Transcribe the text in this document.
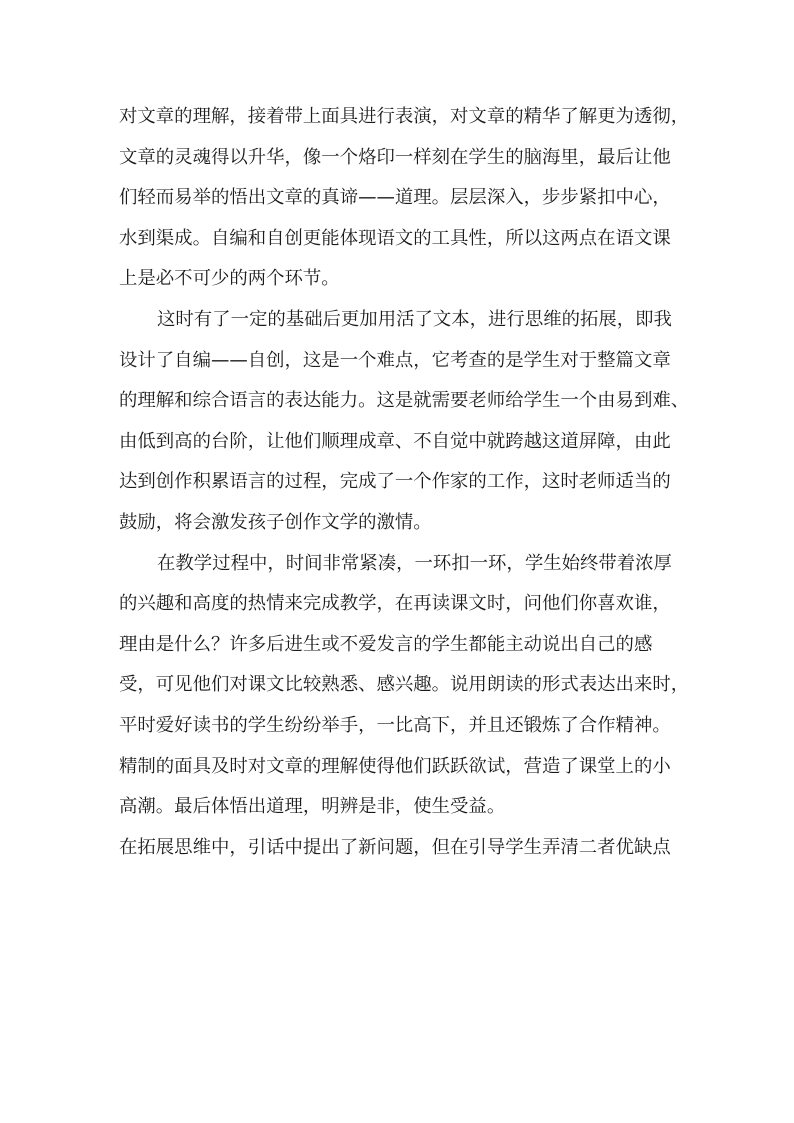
对文章的理解，接着带上面具进行表演，对文章的精华了解更为透彻，
文章的灵魂得以升华，像一个烙印一样刻在学生的脑海里，最后让他
们轻而易举的悟出文章的真谛——道理。层层深入，步步紧扣中心，
水到渠成。自编和自创更能体现语文的工具性，所以这两点在语文课
上是必不可少的两个环节。
这时有了一定的基础后更加用活了文本，进行思维的拓展，即我
设计了自编——自创，这是一个难点，它考查的是学生对于整篇文章
的理解和综合语言的表达能力。这是就需要老师给学生一个由易到难、
由低到高的台阶，让他们顺理成章、不自觉中就跨越这道屏障，由此
达到创作积累语言的过程，完成了一个作家的工作，这时老师适当的
鼓励，将会激发孩子创作文学的激情。
在教学过程中，时间非常紧凑，一环扣一环，学生始终带着浓厚
的兴趣和高度的热情来完成教学，在再读课文时，问他们你喜欢谁，
理由是什么？许多后进生或不爱发言的学生都能主动说出自己的感
受，可见他们对课文比较熟悉、感兴趣。说用朗读的形式表达出来时，
平时爱好读书的学生纷纷举手，一比高下，并且还锻炼了合作精神。
精制的面具及时对文章的理解使得他们跃跃欲试，营造了课堂上的小
高潮。最后体悟出道理，明辨是非，使生受益。
在拓展思维中，引话中提出了新问题，但在引导学生弄清二者优缺点
